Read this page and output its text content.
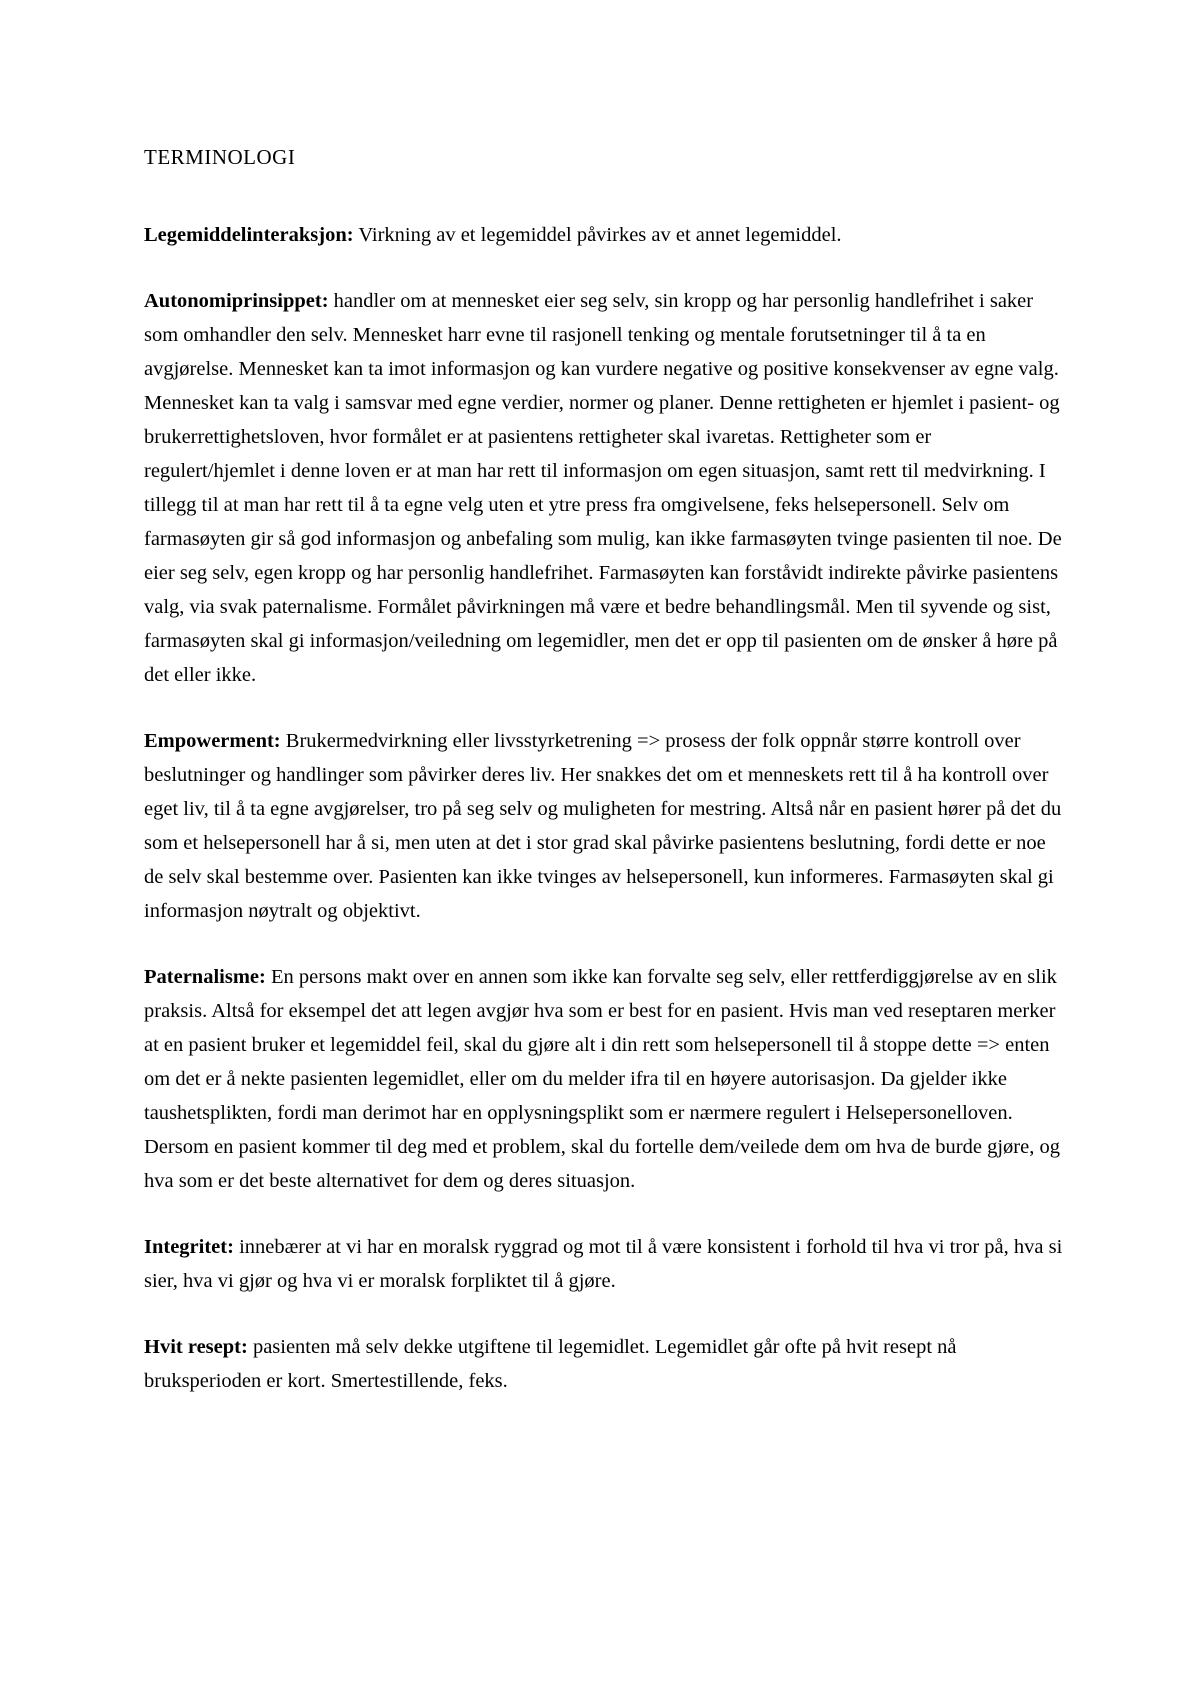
TERMINOLOGI

Legemiddelinteraksjon: Virkning av et legemiddel påvirkes av et annet legemiddel.

Autonomiprinsippet: handler om at mennesket eier seg selv, sin kropp og har personlig handlefrihet i saker som omhandler den selv. Mennesket harr evne til rasjonell tenking og mentale forutsetninger til å ta en avgjørelse. Mennesket kan ta imot informasjon og kan vurdere negative og positive konsekvenser av egne valg. Mennesket kan ta valg i samsvar med egne verdier, normer og planer. Denne rettigheten er hjemlet i pasient- og brukerrettighetsloven, hvor formålet er at pasientens rettigheter skal ivaretas. Rettigheter som er regulert/hjemlet i denne loven er at man har rett til informasjon om egen situasjon, samt rett til medvirkning. I tillegg til at man har rett til å ta egne velg uten et ytre press fra omgivelsene, feks helsepersonell. Selv om farmasøyten gir så god informasjon og anbefaling som mulig, kan ikke farmasøyten tvinge pasienten til noe. De eier seg selv, egen kropp og har personlig handlefrihet. Farmasøyten kan forståvidt indirekte påvirke pasientens valg, via svak paternalisme. Formålet påvirkningen må være et bedre behandlingsmål. Men til syvende og sist, farmasøyten skal gi informasjon/veiledning om legemidler, men det er opp til pasienten om de ønsker å høre på det eller ikke.

Empowerment: Brukermedvirkning eller livsstyrketrening => prosess der folk oppnår større kontroll over beslutninger og handlinger som påvirker deres liv. Her snakkes det om et menneskets rett til å ha kontroll over eget liv, til å ta egne avgjørelser, tro på seg selv og muligheten for mestring. Altså når en pasient hører på det du som et helsepersonell har å si, men uten at det i stor grad skal påvirke pasientens beslutning, fordi dette er noe de selv skal bestemme over. Pasienten kan ikke tvinges av helsepersonell, kun informeres. Farmasøyten skal gi informasjon nøytralt og objektivt.

Paternalisme: En persons makt over en annen som ikke kan forvalte seg selv, eller rettferdiggjørelse av en slik praksis. Altså for eksempel det att legen avgjør hva som er best for en pasient. Hvis man ved reseptaren merker at en pasient bruker et legemiddel feil, skal du gjøre alt i din rett som helsepersonell til å stoppe dette => enten om det er å nekte pasienten legemidlet, eller om du melder ifra til en høyere autorisasjon. Da gjelder ikke taushetsplikten, fordi man derimot har en opplysningsplikt som er nærmere regulert i Helsepersonelloven. Dersom en pasient kommer til deg med et problem, skal du fortelle dem/veilede dem om hva de burde gjøre, og hva som er det beste alternativet for dem og deres situasjon.

Integritet: innebærer at vi har en moralsk ryggrad og mot til å være konsistent i forhold til hva vi tror på, hva si sier, hva vi gjør og hva vi er moralsk forpliktet til å gjøre.

Hvit resept: pasienten må selv dekke utgiftene til legemidlet. Legemidlet går ofte på hvit resept nå bruksperioden er kort. Smertestillende, feks.
